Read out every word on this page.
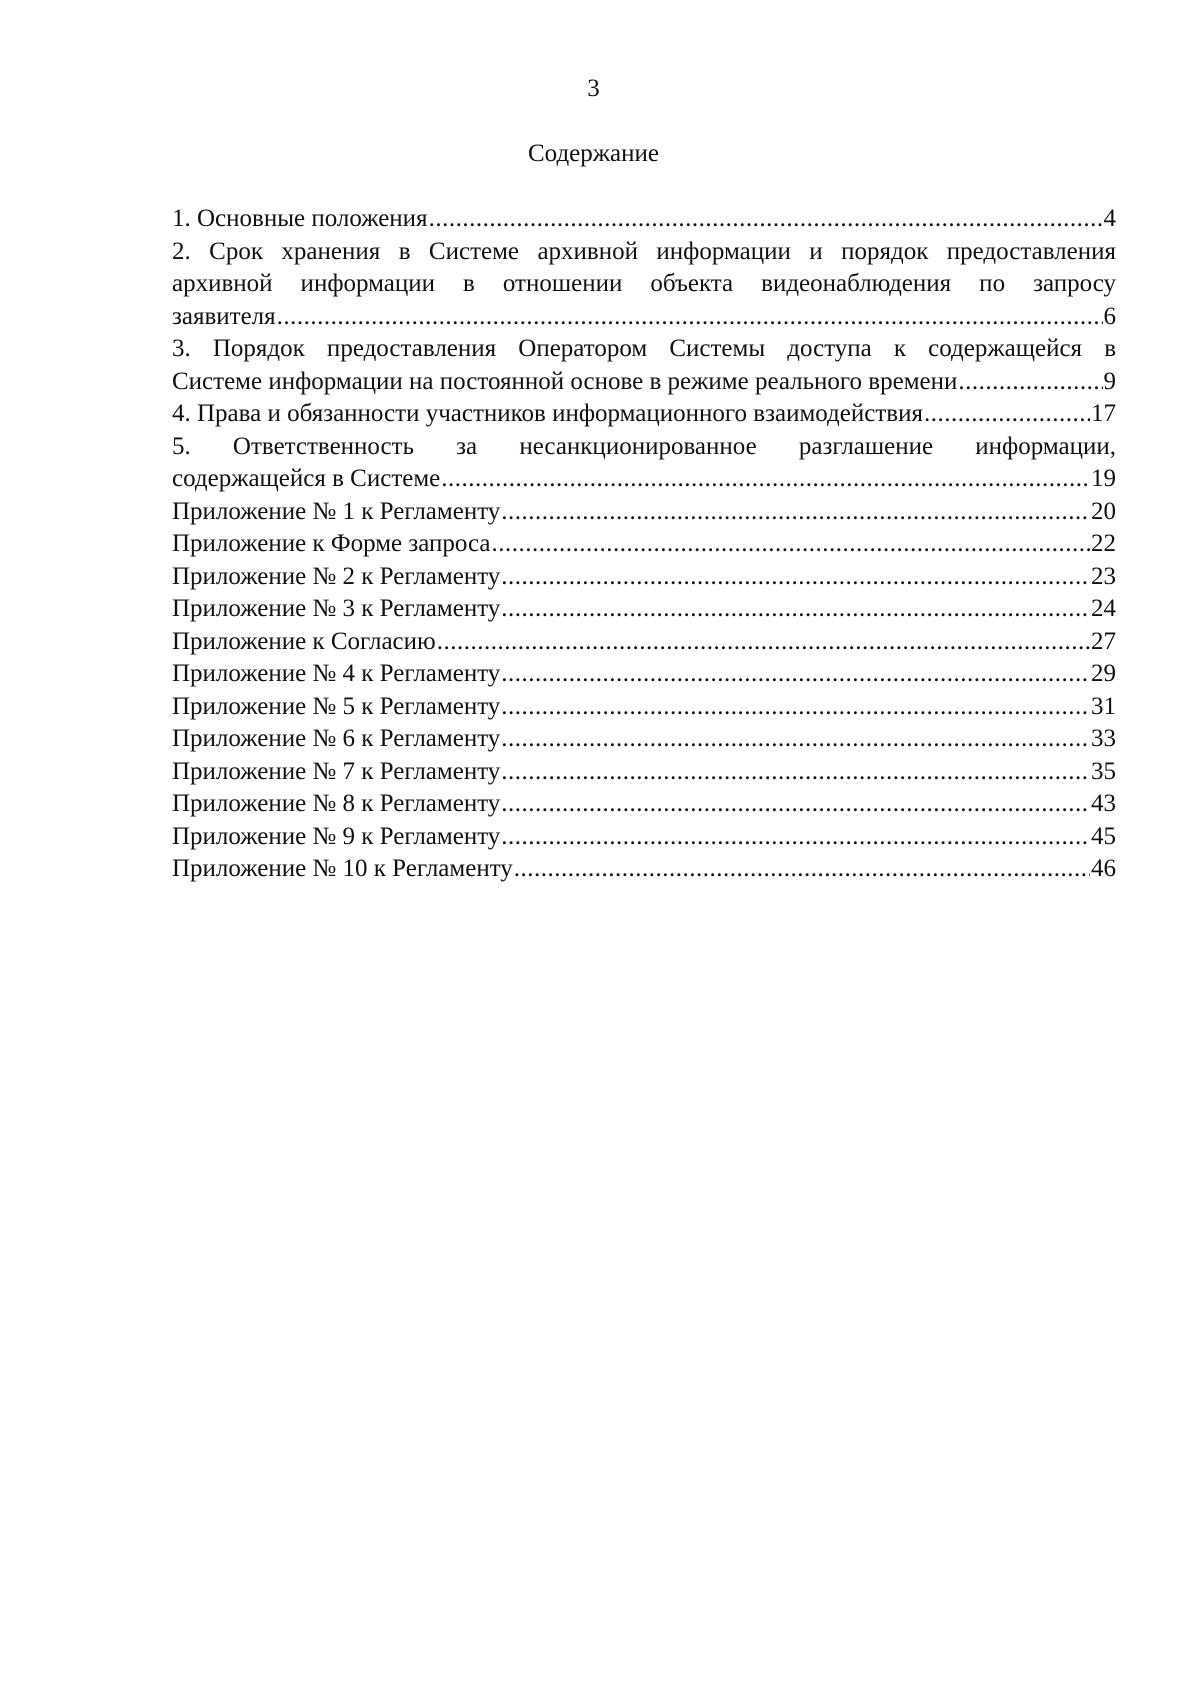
3
Содержание
1. Основные положения .....	4
2. Срок хранения в Системе архивной информации и порядок предоставления
архивной информации в отношении объекта видеонаблюдения по запросу
заявителя .....	6
3. Порядок предоставления Оператором Системы доступа к содержащейся в
Системе информации на постоянной основе в режиме реального времени .....	9
4. Права и обязанности участников информационного взаимодействия .....	17
5. Ответственность за несанкционированное разглашение информации,
содержащейся в Системе .....	19
Приложение № 1 к Регламенту .....	20
Приложение к Форме запроса .....	22
Приложение № 2 к Регламенту .....	23
Приложение № 3 к Регламенту .....	24
Приложение к Согласию .....	27
Приложение № 4 к Регламенту .....	29
Приложение № 5 к Регламенту .....	31
Приложение № 6 к Регламенту .....	33
Приложение № 7 к Регламенту .....	35
Приложение № 8 к Регламенту .....	43
Приложение № 9 к Регламенту .....	45
Приложение № 10 к Регламенту .....	46
